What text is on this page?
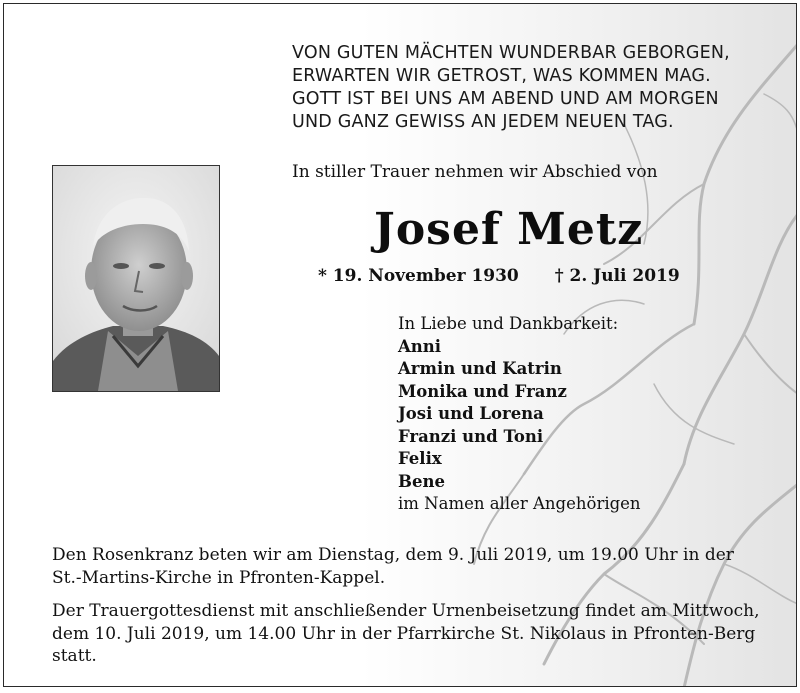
VON GUTEN MÄCHTEN WUNDERBAR GEBORGEN,
ERWARTEN WIR GETROST, WAS KOMMEN MAG.
GOTT IST BEI UNS AM ABEND UND AM MORGEN
UND GANZ GEWISS AN JEDEM NEUEN TAG.
In stiller Trauer nehmen wir Abschied von
Josef Metz
* 19. November 1930 † 2. Juli 2019
In Liebe und Dankbarkeit:
Anni
Armin und Katrin
Monika und Franz
Josi und Lorena
Franzi und Toni
Felix
Bene
im Namen aller Angehörigen
Den Rosenkranz beten wir am Dienstag, dem 9. Juli 2019, um 19.00 Uhr in der St.-Martins-Kirche in Pfronten-Kappel.
Der Trauergottesdienst mit anschließender Urnenbeisetzung findet am Mittwoch, dem 10. Juli 2019, um 14.00 Uhr in der Pfarrkirche St. Nikolaus in Pfronten-Berg statt.
